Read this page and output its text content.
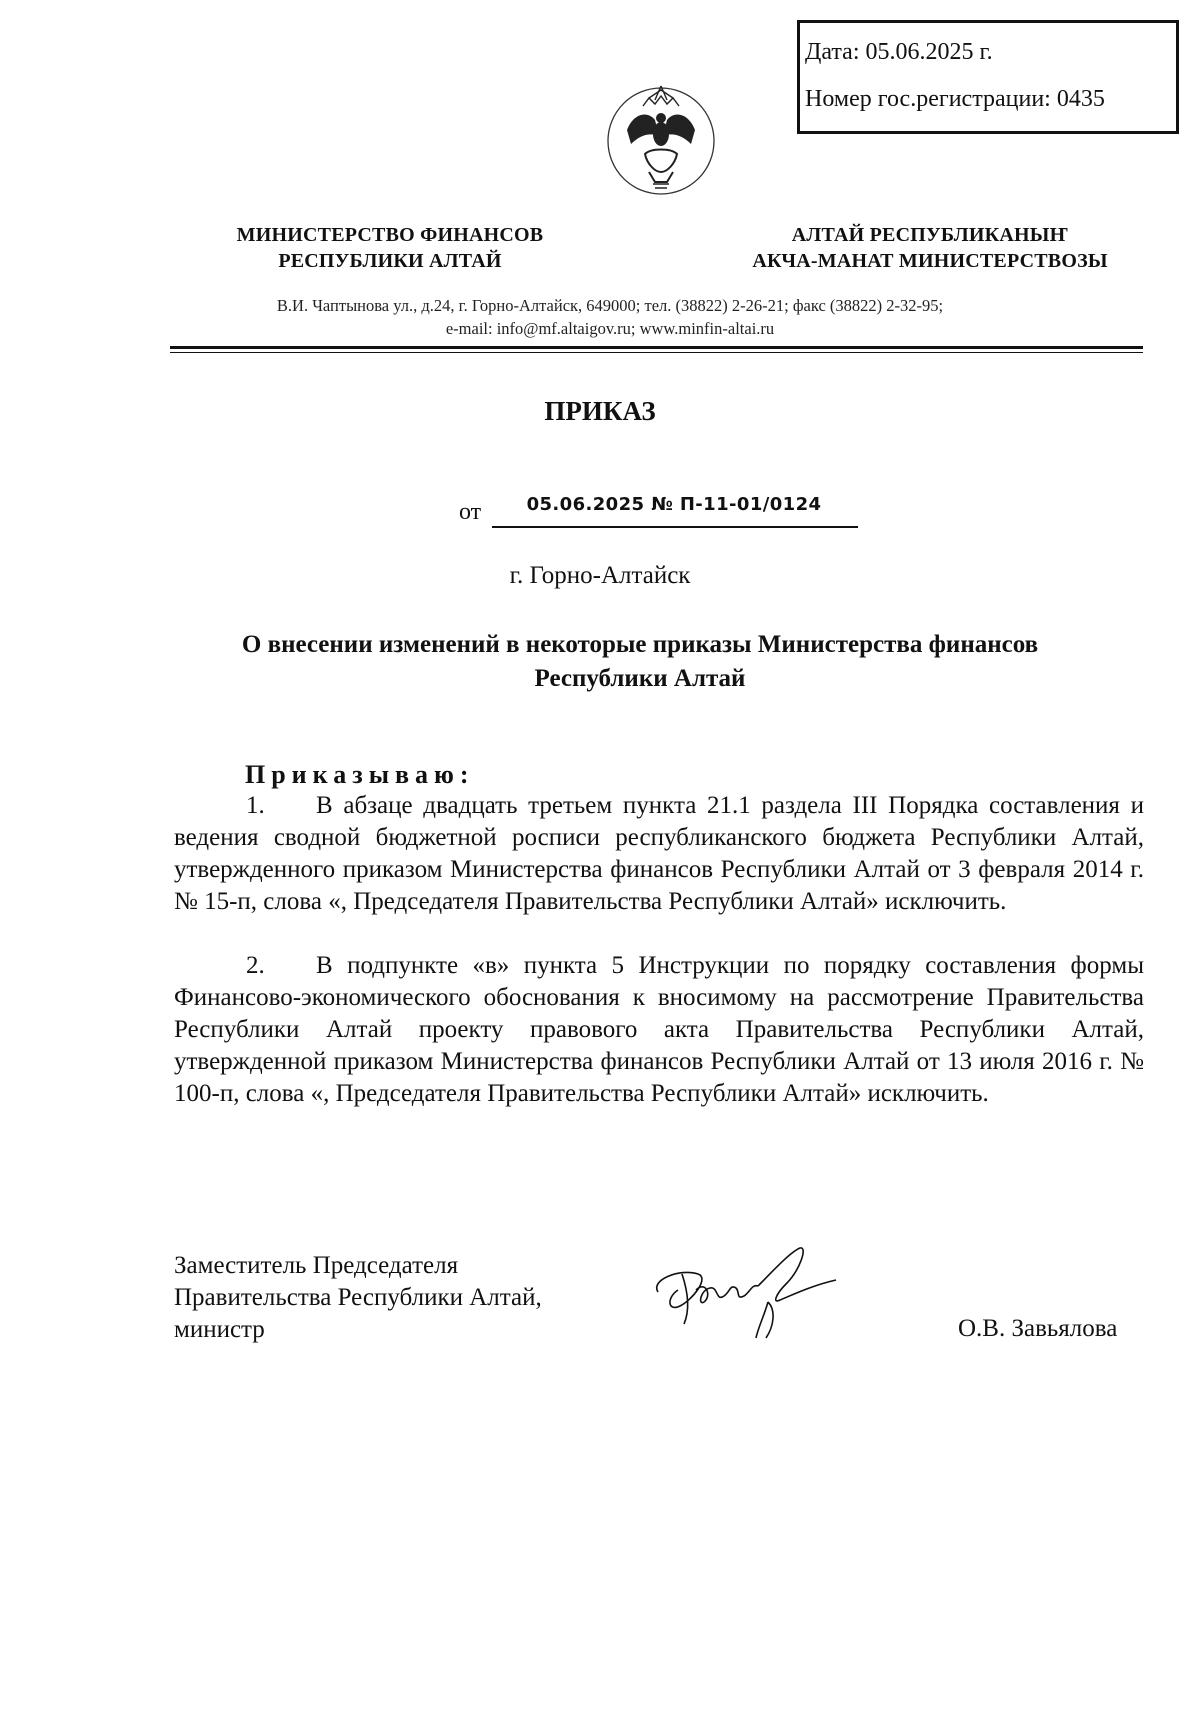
Дата: 05.06.2025 г.
Номер гос.регистрации: 0435
МИНИСТЕРСТВО ФИНАНСОВ
РЕСПУБЛИКИ АЛТАЙ
АЛТАЙ РЕСПУБЛИКАНЫҤ
АКЧА-МАНАТ МИНИСТЕРСТВОЗЫ
В.И. Чаптынова ул., д.24, г. Горно-Алтайск, 649000; тел. (38822) 2-26-21; факс (38822) 2-32-95;
e-mail: info@mf.altaigov.ru; www.minfin-altai.ru
ПРИКАЗ
от	05.06.2025 № П-11-01/0124
г. Горно-Алтайск
О внесении изменений в некоторые приказы Министерства финансов
Республики Алтай
Приказываю:
1. В абзаце двадцать третьем пункта 21.1 раздела III Порядка составления и ведения сводной бюджетной росписи республиканского бюджета Республики Алтай, утвержденного приказом Министерства финансов Республики Алтай от 3 февраля 2014 г. № 15-п, слова «, Председателя Правительства Республики Алтай» исключить.
2. В подпункте «в» пункта 5 Инструкции по порядку составления формы Финансово-экономического обоснования к вносимому на рассмотрение Правительства Республики Алтай проекту правового акта Правительства Республики Алтай, утвержденной приказом Министерства финансов Республики Алтай от 13 июля 2016 г. № 100-п, слова «, Председателя Правительства Республики Алтай» исключить.
Заместитель Председателя
Правительства Республики Алтай,
министр	О.В. Завьялова
